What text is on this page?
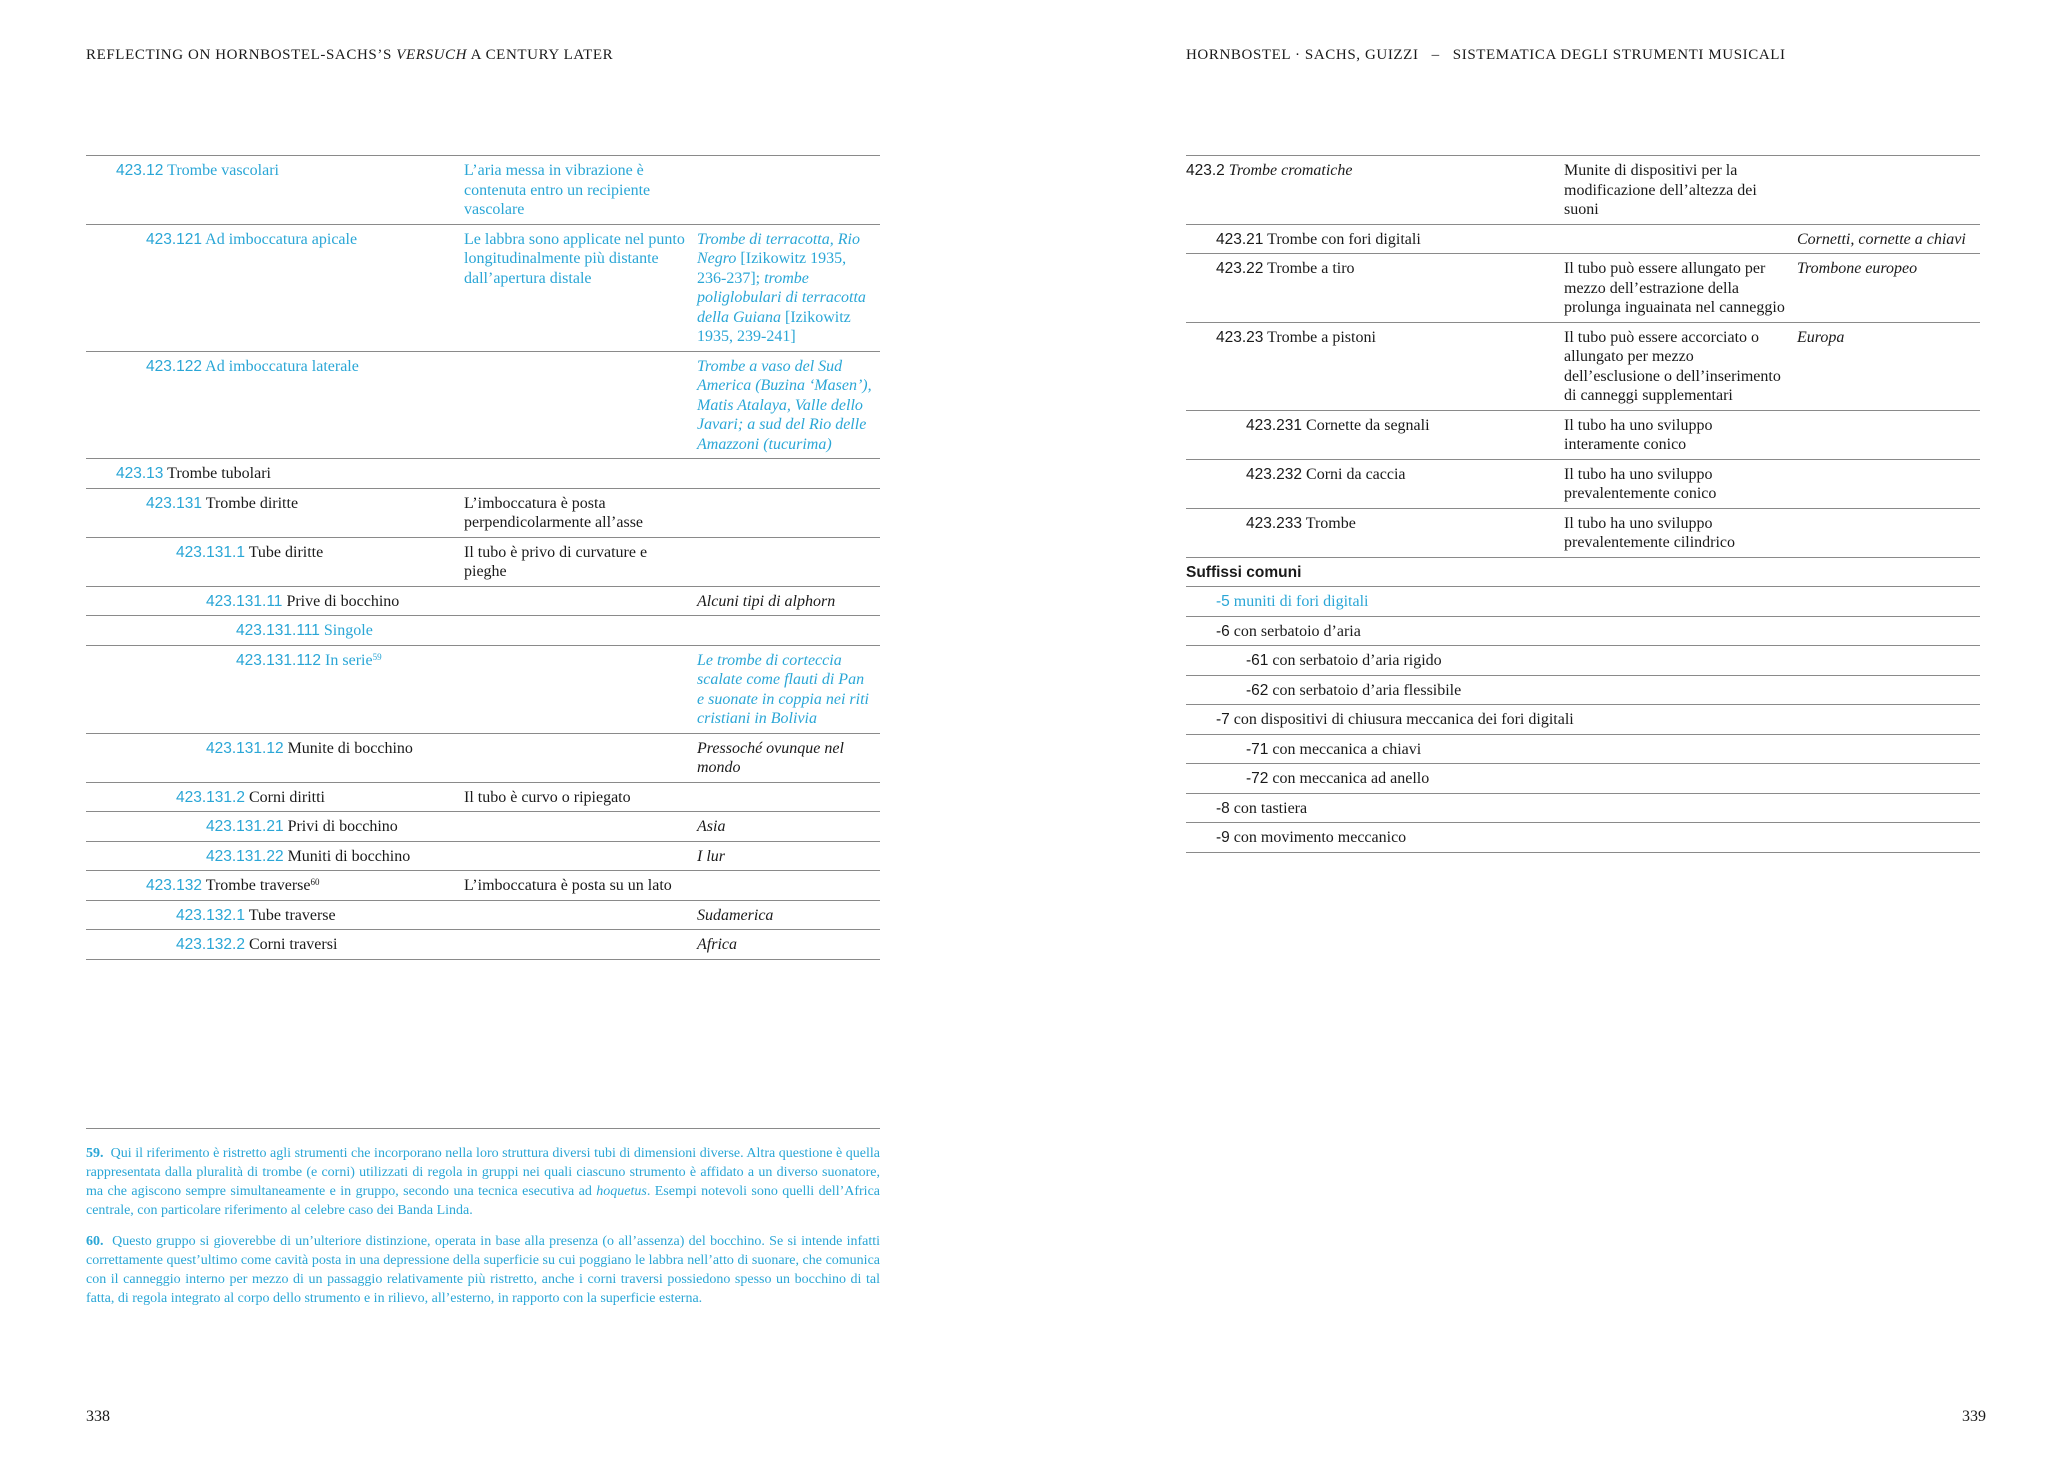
REFLECTING ON HORNBOSTEL-SACHS’S VERSUCH A CENTURY LATER
423.12 Trombe vascolari	L’aria messa in vibrazione è contenuta entro un recipiente vascolare	
423.121 Ad imboccatura apicale	Le labbra sono applicate nel punto longitudinalmente più distante dall’apertura distale	Trombe di terracotta, Rio Negro [Izikowitz 1935, 236-237]; trombe poliglobulari di terracotta della Guiana [Izikowitz 1935, 239-241]
423.122 Ad imboccatura laterale		Trombe a vaso del Sud America (Buzina ‘Masen’), Matis Atalaya, Valle dello Javari; a sud del Rio delle Amazzoni (tucurima)
423.13 Trombe tubolari		
423.131 Trombe diritte	L’imboccatura è posta perpendicolarmente all’asse	
423.131.1 Tube diritte	Il tubo è privo di curvature e pieghe	
423.131.11 Prive di bocchino		Alcuni tipi di alphorn
423.131.111 Singole		
423.131.112 In serie$^{59}$		Le trombe di corteccia scalate come flauti di Pan e suonate in coppia nei riti cristiani in Bolivia
423.131.12 Munite di bocchino		Pressoché ovunque nel mondo
423.131.2 Corni diritti	Il tubo è curvo o ripiegato	
423.131.21 Privi di bocchino		Asia
423.131.22 Muniti di bocchino		I lur
423.132 Trombe traverse$^{60}$	L’imboccatura è posta su un lato	
423.132.1 Tube traverse		Sudamerica
423.132.2 Corni traversi		Africa

59. Qui il riferimento è ristretto agli strumenti che incorporano nella loro struttura diversi tubi di dimensioni diverse. Altra questione è quella rappresentata dalla pluralità di trombe (e corni) utilizzati di regola in gruppi nei quali ciascuno strumento è affidato a un diverso suonatore, ma che agiscono sempre simultaneamente e in gruppo, secondo una tecnica esecutiva ad hoquetus. Esempi notevoli sono quelli dell’Africa centrale, con particolare riferimento al celebre caso dei Banda Linda.

60. Questo gruppo si gioverebbe di un’ulteriore distinzione, operata in base alla presenza (o all’assenza) del bocchino. Se si intende infatti correttamente quest’ultimo come cavità posta in una depressione della superficie su cui poggiano le labbra nell’atto di suonare, che comunica con il canneggio interno per mezzo di un passaggio relativamente più ristretto, anche i corni traversi possiedono spesso un bocchino di tal fatta, di regola integrato al corpo dello strumento e in rilievo, all’esterno, in rapporto con la superficie esterna.

338
HORNBOSTEL · SACHS, GUIZZI – SISTEMATICA DEGLI STRUMENTI MUSICALI
423.2 Trombe cromatiche	Munite di dispositivi per la modificazione dell’altezza dei suoni	
423.21 Trombe con fori digitali		Cornetti, cornette a chiavi
423.22 Trombe a tiro	Il tubo può essere allungato per mezzo dell’estrazione della prolunga inguainata nel canneggio	Trombone europeo
423.23 Trombe a pistoni	Il tubo può essere accorciato o allungato per mezzo dell’esclusione o dell’inserimento di canneggi supplementari	Europa
423.231 Cornette da segnali	Il tubo ha uno sviluppo interamente conico	
423.232 Corni da caccia	Il tubo ha uno sviluppo prevalentemente conico	
423.233 Trombe	Il tubo ha uno sviluppo prevalentemente cilindrico	
Suffissi comuni		
-5 muniti di fori digitali		
-6 con serbatoio d’aria		
-61 con serbatoio d’aria rigido		
-62 con serbatoio d’aria flessibile		
-7 con dispositivi di chiusura meccanica dei fori digitali		
-71 con meccanica a chiavi		
-72 con meccanica ad anello		
-8 con tastiera		
-9 con movimento meccanico		
339
